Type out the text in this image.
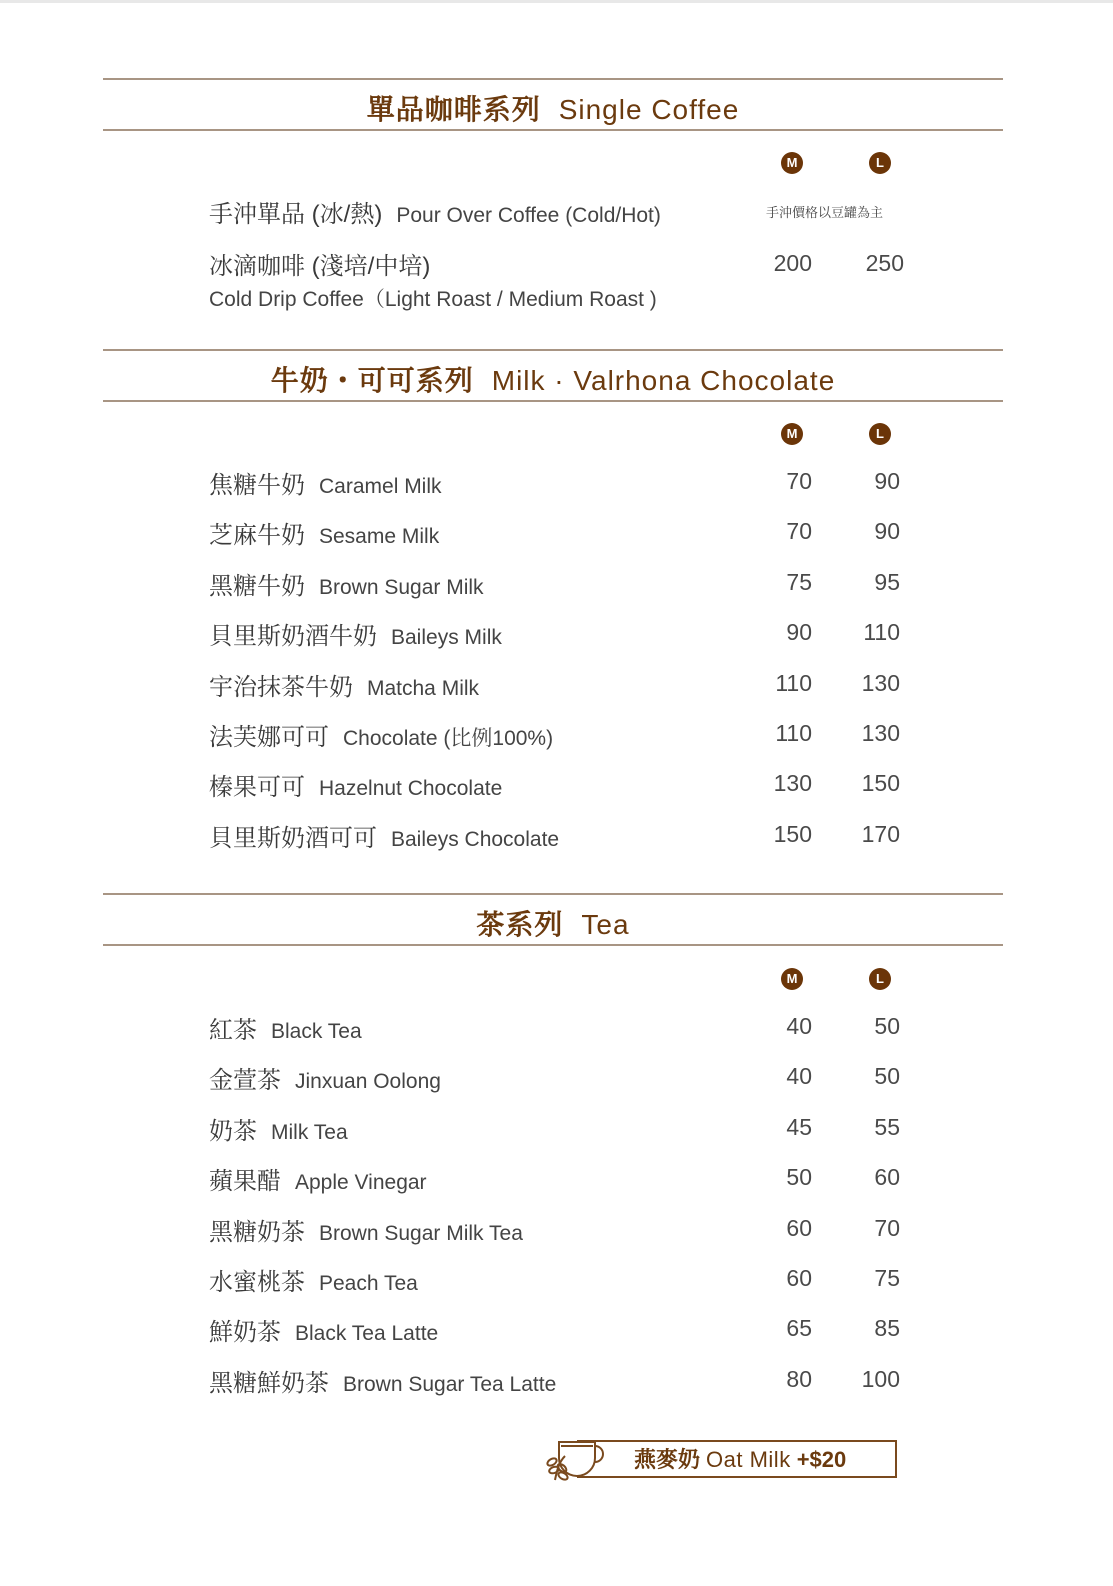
單品咖啡系列 Single Coffee
M	L
手沖單品 (冰/熱) Pour Over Coffee (Cold/Hot)	手沖價格以豆罐為主
冰滴咖啡 (淺培/中培)
Cold Drip Coffee（Light Roast / Medium Roast )
200	250
牛奶・可可系列 Milk · Valrhona Chocolate
M	L
焦糖牛奶 Caramel Milk	70	90
芝麻牛奶 Sesame Milk	70	90
黑糖牛奶 Brown Sugar Milk	75	95
貝里斯奶酒牛奶 Baileys Milk	90	110
宇治抹茶牛奶 Matcha Milk	110	130
法芙娜可可 Chocolate (比例100%)	110	130
榛果可可 Hazelnut Chocolate	130	150
貝里斯奶酒可可 Baileys Chocolate	150	170
茶系列 Tea
M	L
紅茶 Black Tea	40	50
金萱茶 Jinxuan Oolong	40	50
奶茶 Milk Tea	45	55
蘋果醋 Apple Vinegar	50	60
黑糖奶茶 Brown Sugar Milk Tea	60	70
水蜜桃茶 Peach Tea	60	75
鮮奶茶 Black Tea Latte	65	85
黑糖鮮奶茶 Brown Sugar Tea Latte	80	100
燕麥奶 Oat Milk +$20
